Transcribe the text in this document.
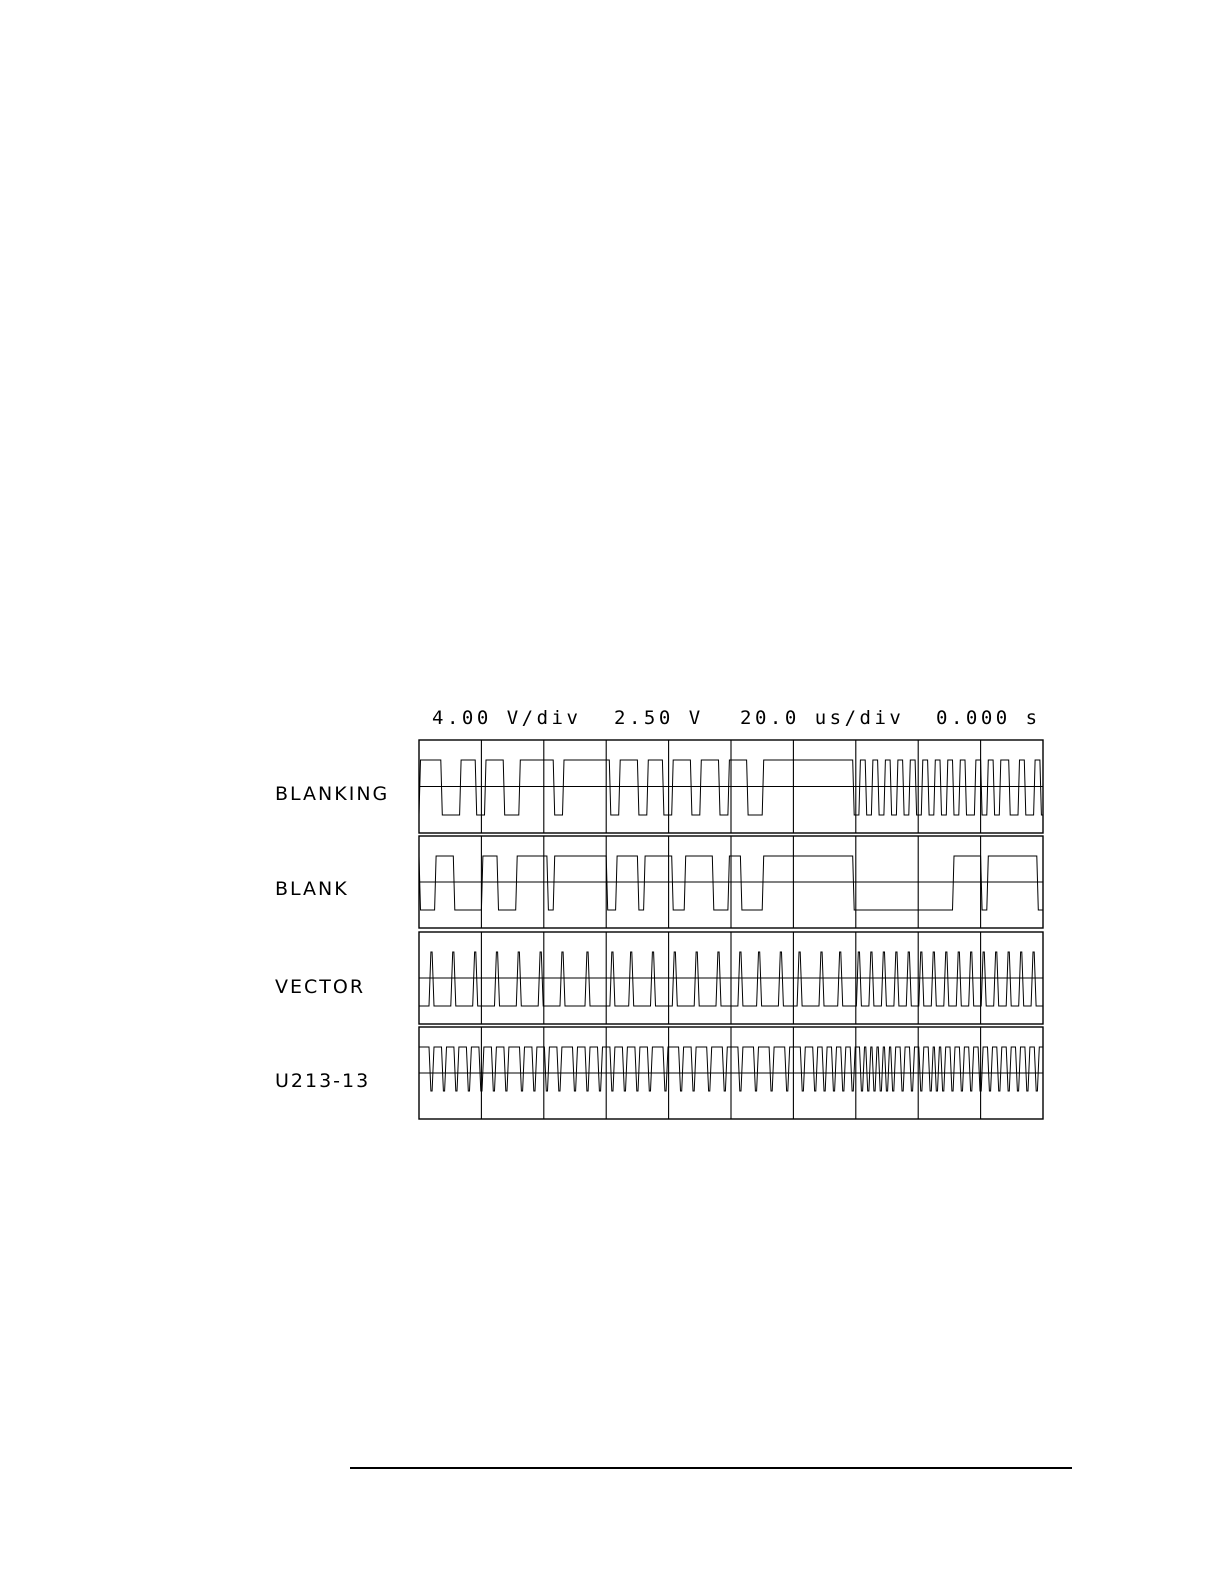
4.00 V/div 2.50 V 20.0 us/div 0.000 s
BLANKING
BLANK
VECTOR
U213-13
